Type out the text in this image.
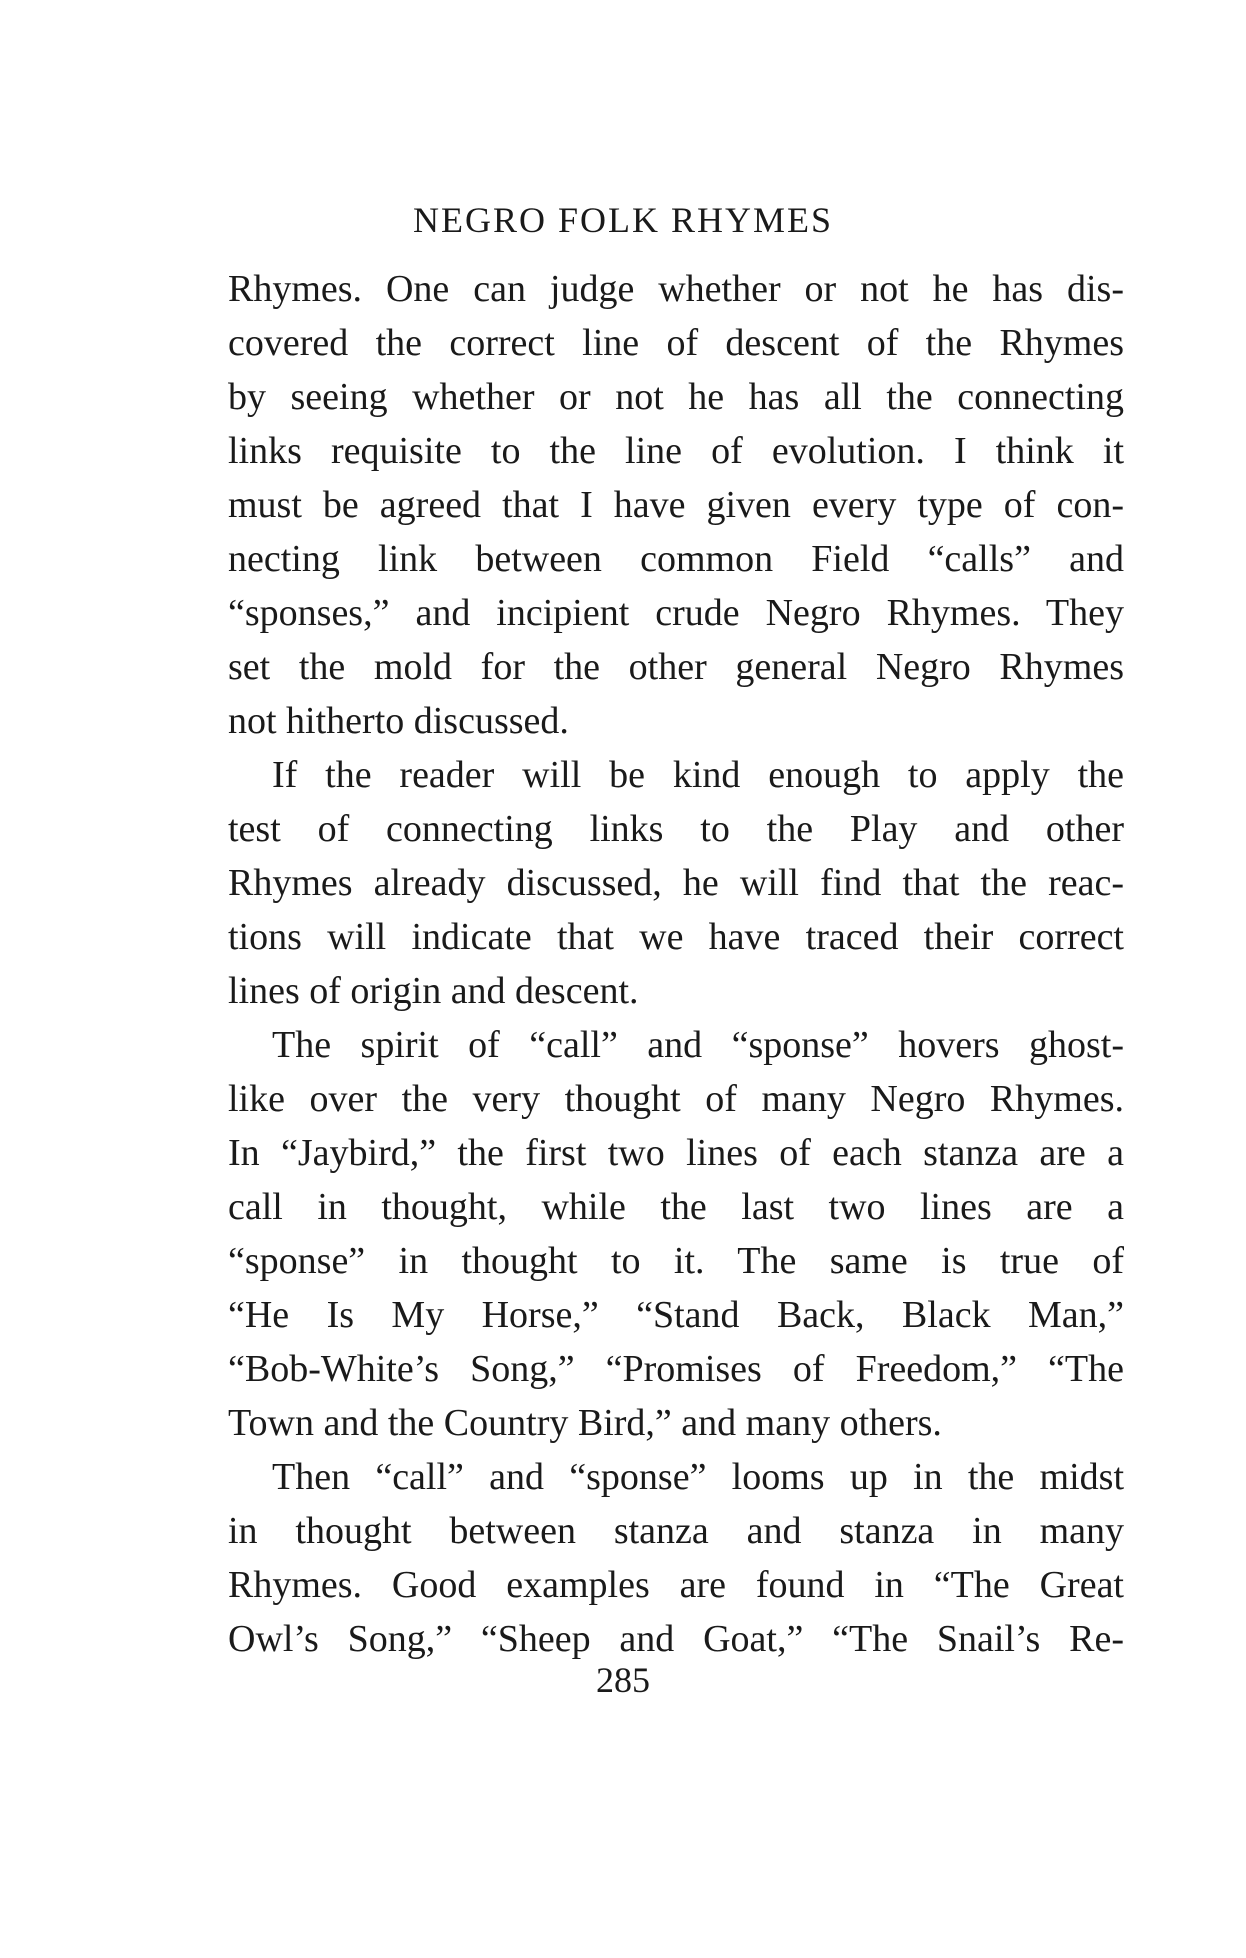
NEGRO FOLK RHYMES
Rhymes. One can judge whether or not he has dis-
covered the correct line of descent of the Rhymes
by seeing whether or not he has all the connecting
links requisite to the line of evolution. I think it
must be agreed that I have given every type of con-
necting link between common Field “calls” and
“sponses,” and incipient crude Negro Rhymes. They
set the mold for the other general Negro Rhymes
not hitherto discussed.
If the reader will be kind enough to apply the
test of connecting links to the Play and other
Rhymes already discussed, he will find that the reac-
tions will indicate that we have traced their correct
lines of origin and descent.
The spirit of “call” and “sponse” hovers ghost-
like over the very thought of many Negro Rhymes.
In “Jaybird,” the first two lines of each stanza are a
call in thought, while the last two lines are a
“sponse” in thought to it. The same is true of
“He Is My Horse,” “Stand Back, Black Man,”
“Bob-White’s Song,” “Promises of Freedom,” “The
Town and the Country Bird,” and many others.
Then “call” and “sponse” looms up in the midst
in thought between stanza and stanza in many
Rhymes. Good examples are found in “The Great
Owl’s Song,” “Sheep and Goat,” “The Snail’s Re-
285
